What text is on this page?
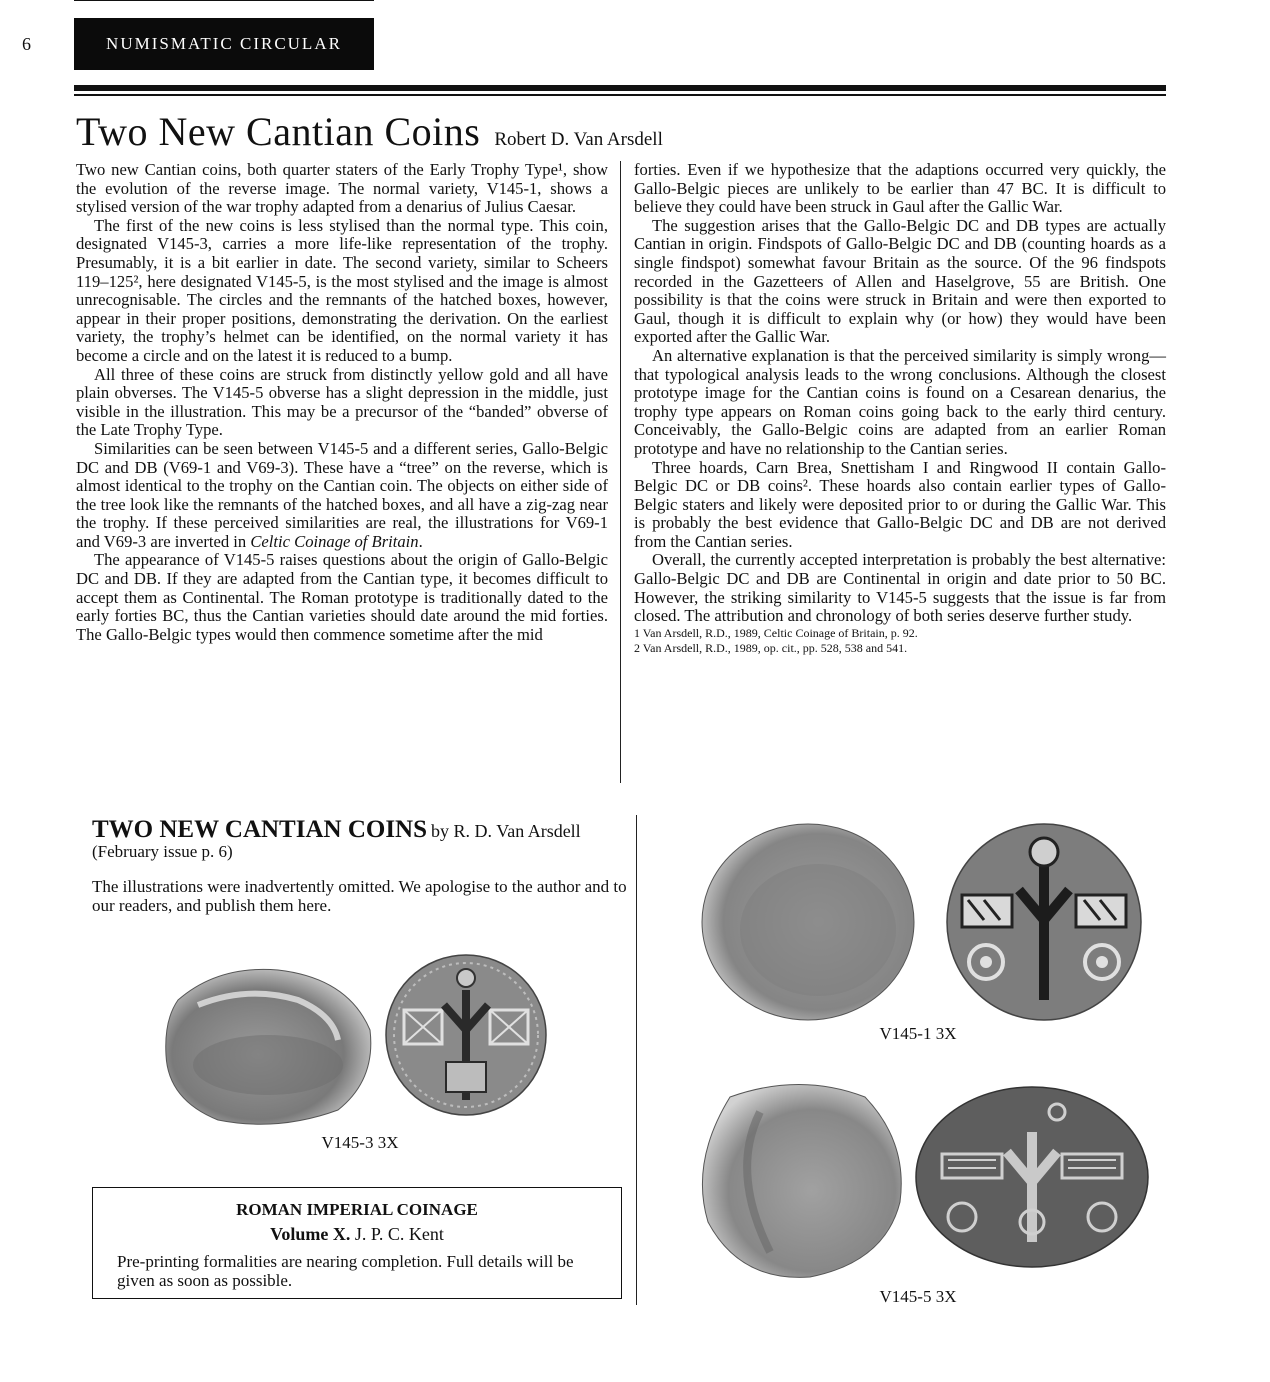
6	NUMISMATIC CIRCULAR
Two New Cantian Coins Robert D. Van Arsdell

Two new Cantian coins, both quarter staters of the Early Trophy Type¹, show the evolution of the reverse image. The normal variety, V145-1, shows a stylised version of the war trophy adapted from a denarius of Julius Caesar.

The first of the new coins is less stylised than the normal type. This coin, designated V145-3, carries a more life-like representation of the trophy. Presumably, it is a bit earlier in date. The second variety, similar to Scheers 119–125², here designated V145-5, is the most stylised and the image is almost unrecognisable. The circles and the remnants of the hatched boxes, however, appear in their proper positions, demonstrating the derivation. On the earliest variety, the trophy’s helmet can be identified, on the normal variety it has become a circle and on the latest it is reduced to a bump.

All three of these coins are struck from distinctly yellow gold and all have plain obverses. The V145-5 obverse has a slight depression in the middle, just visible in the illustration. This may be a precursor of the “banded” obverse of the Late Trophy Type.

Similarities can be seen between V145-5 and a different series, Gallo-Belgic DC and DB (V69-1 and V69-3). These have a “tree” on the reverse, which is almost identical to the trophy on the Cantian coin. The objects on either side of the tree look like the remnants of the hatched boxes, and all have a zig-zag near the trophy. If these perceived similarities are real, the illustrations for V69-1 and V69-3 are inverted in Celtic Coinage of Britain.

The appearance of V145-5 raises questions about the origin of Gallo-Belgic DC and DB. If they are adapted from the Cantian type, it becomes difficult to accept them as Continental. The Roman prototype is traditionally dated to the early forties BC, thus the Cantian varieties should date around the mid forties. The Gallo-Belgic types would then commence sometime after the mid

forties. Even if we hypothesize that the adaptions occurred very quickly, the Gallo-Belgic pieces are unlikely to be earlier than 47 BC. It is difficult to believe they could have been struck in Gaul after the Gallic War.

The suggestion arises that the Gallo-Belgic DC and DB types are actually Cantian in origin. Findspots of Gallo-Belgic DC and DB (counting hoards as a single findspot) somewhat favour Britain as the source. Of the 96 findspots recorded in the Gazetteers of Allen and Haselgrove, 55 are British. One possibility is that the coins were struck in Britain and were then exported to Gaul, though it is difficult to explain why (or how) they would have been exported after the Gallic War.

An alternative explanation is that the perceived similarity is simply wrong—that typological analysis leads to the wrong conclusions. Although the closest prototype image for the Cantian coins is found on a Cesarean denarius, the trophy type appears on Roman coins going back to the early third century. Conceivably, the Gallo-Belgic coins are adapted from an earlier Roman prototype and have no relationship to the Cantian series.

Three hoards, Carn Brea, Snettisham I and Ringwood II contain Gallo-Belgic DC or DB coins². These hoards also contain earlier types of Gallo-Belgic staters and likely were deposited prior to or during the Gallic War. This is probably the best evidence that Gallo-Belgic DC and DB are not derived from the Cantian series.

Overall, the currently accepted interpretation is probably the best alternative: Gallo-Belgic DC and DB are Continental in origin and date prior to 50 BC. However, the striking similarity to V145-5 suggests that the issue is far from closed. The attribution and chronology of both series deserve further study.

1 Van Arsdell, R.D., 1989, Celtic Coinage of Britain, p. 92.

2 Van Arsdell, R.D., 1989, op. cit., pp. 528, 538 and 541.

TWO NEW CANTIAN COINS by R. D. Van Arsdell
(February issue p. 6)
The illustrations were inadvertently omitted. We apologise to the author and to our readers, and publish them here.
V145-3 3X
V145-1 3X
V145-5 3X
ROMAN IMPERIAL COINAGE
Volume X. J. P. C. Kent
Pre-printing formalities are nearing completion. Full details will be given as soon as possible.
